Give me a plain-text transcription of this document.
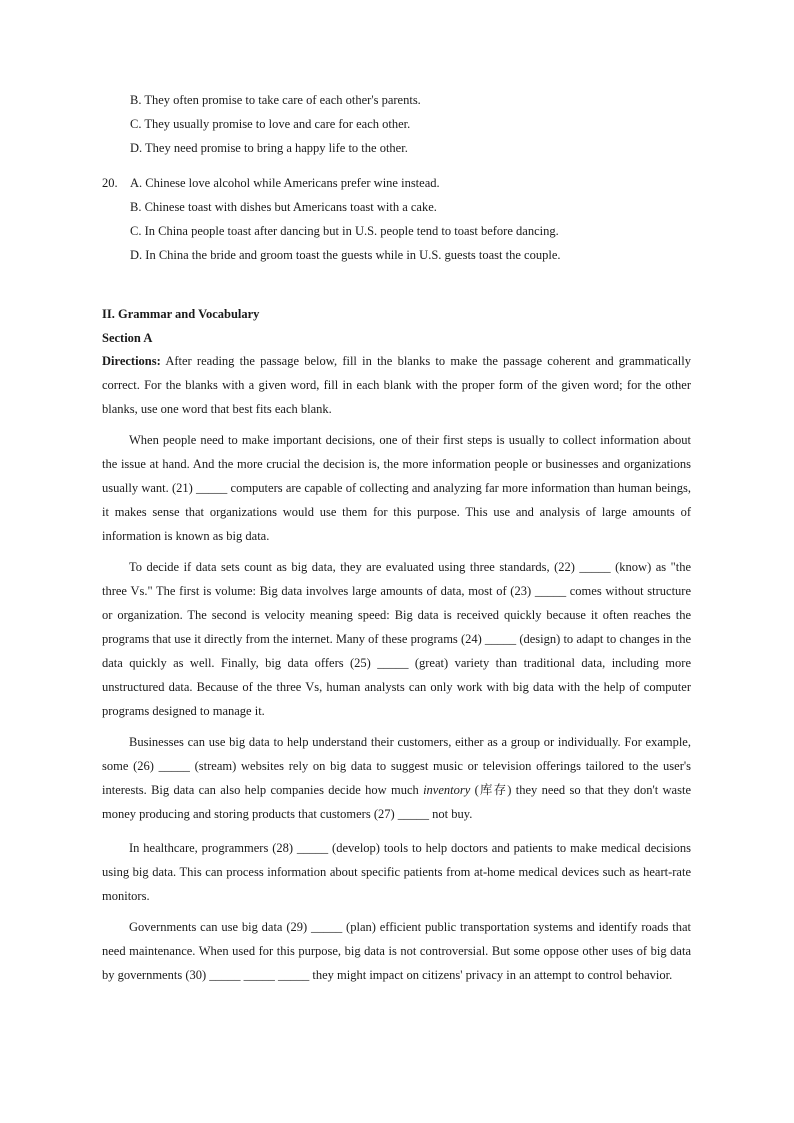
B. They often promise to take care of each other's parents.
C. They usually promise to love and care for each other.
D. They need promise to bring a happy life to the other.
20. A. Chinese love alcohol while Americans prefer wine instead.
B. Chinese toast with dishes but Americans toast with a cake.
C. In China people toast after dancing but in U.S. people tend to toast before dancing.
D. In China the bride and groom toast the guests while in U.S. guests toast the couple.
II. Grammar and Vocabulary
Section A

Directions: After reading the passage below, fill in the blanks to make the passage coherent and grammatically correct. For the blanks with a given word, fill in each blank with the proper form of the given word; for the other blanks, use one word that best fits each blank.

When people need to make important decisions, one of their first steps is usually to collect information about the issue at hand. And the more crucial the decision is, the more information people or businesses and organizations usually want. (21) _____ computers are capable of collecting and analyzing far more information than human beings, it makes sense that organizations would use them for this purpose. This use and analysis of large amounts of information is known as big data.

To decide if data sets count as big data, they are evaluated using three standards, (22) _____ (know) as "the three Vs." The first is volume: Big data involves large amounts of data, most of (23) _____ comes without structure or organization. The second is velocity meaning speed: Big data is received quickly because it often reaches the programs that use it directly from the internet. Many of these programs (24) _____ (design) to adapt to changes in the data quickly as well. Finally, big data offers (25) _____ (great) variety than traditional data, including more unstructured data. Because of the three Vs, human analysts can only work with big data with the help of computer programs designed to manage it.

Businesses can use big data to help understand their customers, either as a group or individually. For example, some (26) _____ (stream) websites rely on big data to suggest music or television offerings tailored to the user's interests. Big data can also help companies decide how much inventory (库存) they need so that they don't waste money producing and storing products that customers (27) _____ not buy.

In healthcare, programmers (28) _____ (develop) tools to help doctors and patients to make medical decisions using big data. This can process information about specific patients from at-home medical devices such as heart-rate monitors.

Governments can use big data (29) _____ (plan) efficient public transportation systems and identify roads that need maintenance. When used for this purpose, big data is not controversial. But some oppose other uses of big data by governments (30) _____ _____ _____ they might impact on citizens' privacy in an attempt to control behavior.
